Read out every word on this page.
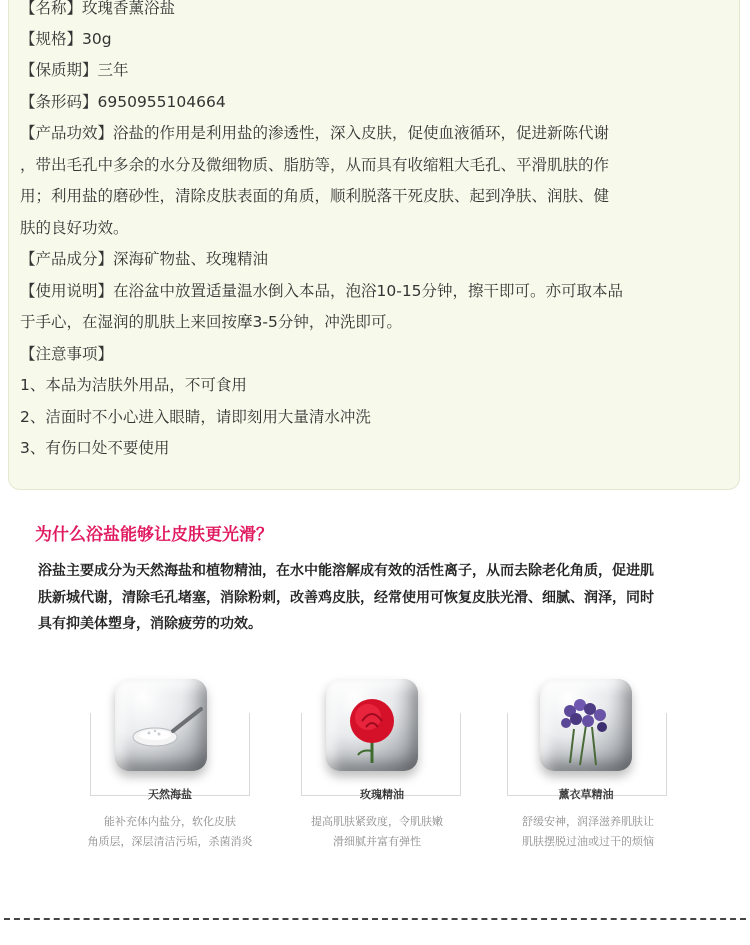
【名称】玫瑰香薰浴盐
【规格】30g
【保质期】三年
【条形码】6950955104664
【产品功效】浴盐的作用是利用盐的渗透性，深入皮肤，促使血液循环，促进新陈代谢
，带出毛孔中多余的水分及微细物质、脂肪等，从而具有收缩粗大毛孔、平滑肌肤的作
用；利用盐的磨砂性，清除皮肤表面的角质，顺利脱落干死皮肤、起到净肤、润肤、健
肤的良好功效。
【产品成分】深海矿物盐、玫瑰精油
【使用说明】在浴盆中放置适量温水倒入本品，泡浴10-15分钟，擦干即可。亦可取本品
于手心，在湿润的肌肤上来回按摩3-5分钟，冲洗即可。
【注意事项】
1、本品为洁肤外用品，不可食用
2、洁面时不小心进入眼睛，请即刻用大量清水冲洗
3、有伤口处不要使用
为什么浴盐能够让皮肤更光滑？
浴盐主要成分为天然海盐和植物精油，在水中能溶解成有效的活性离子，从而去除老化角质，促进肌
肤新城代谢，清除毛孔堵塞，消除粉刺，改善鸡皮肤，经常使用可恢复皮肤光滑、细腻、润泽，同时
具有抑美体塑身，消除疲劳的功效。
天然海盐
能补充体内盐分，软化皮肤
角质层，深层清洁污垢，杀菌消炎
玫瑰精油
提高肌肤紧致度，令肌肤嫩
滑细腻并富有弹性
薰衣草精油
舒缓安神，润泽滋养肌肤让
肌肤摆脱过油或过干的烦恼
